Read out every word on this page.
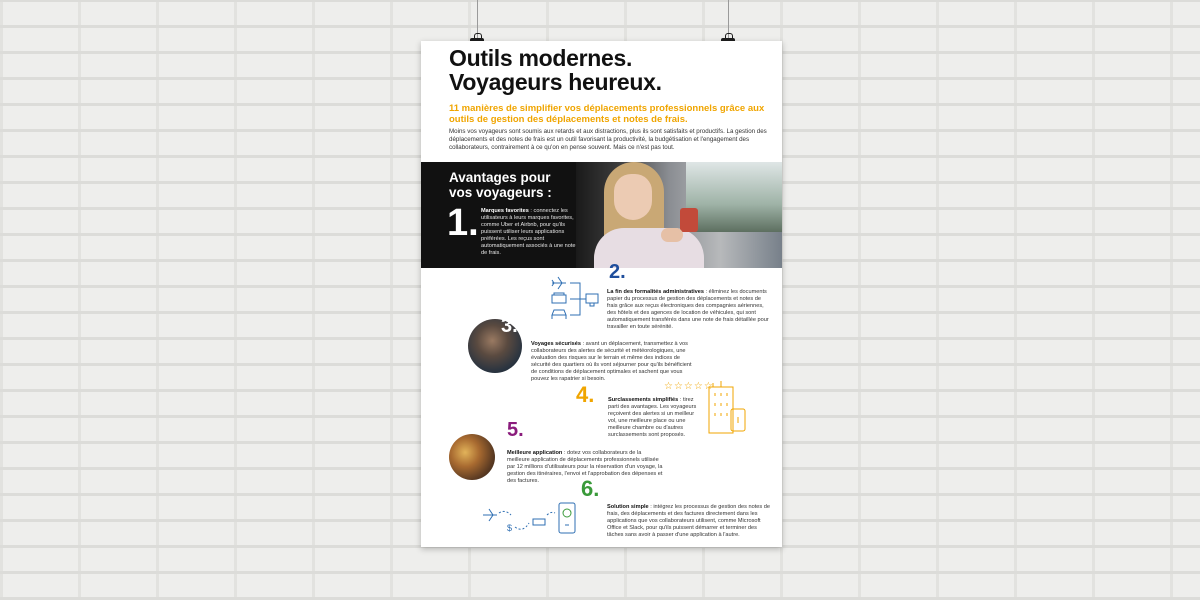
Outils modernes.
Voyageurs heureux.
11 manières de simplifier vos déplacements professionnels grâce aux outils de gestion des déplacements et notes de frais.
Moins vos voyageurs sont soumis aux retards et aux distractions, plus ils sont satisfaits et productifs. La gestion des déplacements et des notes de frais est un outil favorisant la productivité, la budgétisation et l'engagement des collaborateurs, contrairement à ce qu'on en pense souvent. Mais ce n'est pas tout.
Avantages pour
vos voyageurs :
1. Marques favorites : connectez les utilisateurs à leurs marques favorites, comme Uber et Airbnb, pour qu'ils puissent utiliser leurs applications préférées. Les reçus sont automatiquement associés à une note de frais.
2.
La fin des formalités administratives : éliminez les documents papier du processus de gestion des déplacements et notes de frais grâce aux reçus électroniques des compagnies aériennes, des hôtels et des agences de location de véhicules, qui sont automatiquement transférés dans une note de frais détaillée pour travailler en toute sérénité.
3.
Voyages sécurisés : avant un déplacement, transmettez à vos collaborateurs des alertes de sécurité et météorologiques, une évaluation des risques sur le terrain et même des indices de sécurité des quartiers où ils vont séjourner pour qu'ils bénéficient de conditions de déplacement optimales et sachent que vous pouvez les rapatrier si besoin.
☆☆☆☆☆
4.	Surclassements simplifiés : tirez parti des avantages. Les voyageurs reçoivent des alertes si un meilleur vol, une meilleure place ou une meilleure chambre ou d'autres surclassements sont proposés.
5.
Meilleure application : dotez vos collaborateurs de la meilleure application de déplacements professionnels utilisée par 12 millions d'utilisateurs pour la réservation d'un voyage, la gestion des itinéraires, l'envoi et l'approbation des dépenses et des factures.
$
6.
Solution simple : intégrez les processus de gestion des notes de frais, des déplacements et des factures directement dans les applications que vos collaborateurs utilisent, comme Microsoft Office et Slack, pour qu'ils puissent démarrer et terminer des tâches sans avoir à passer d'une application à l'autre.
